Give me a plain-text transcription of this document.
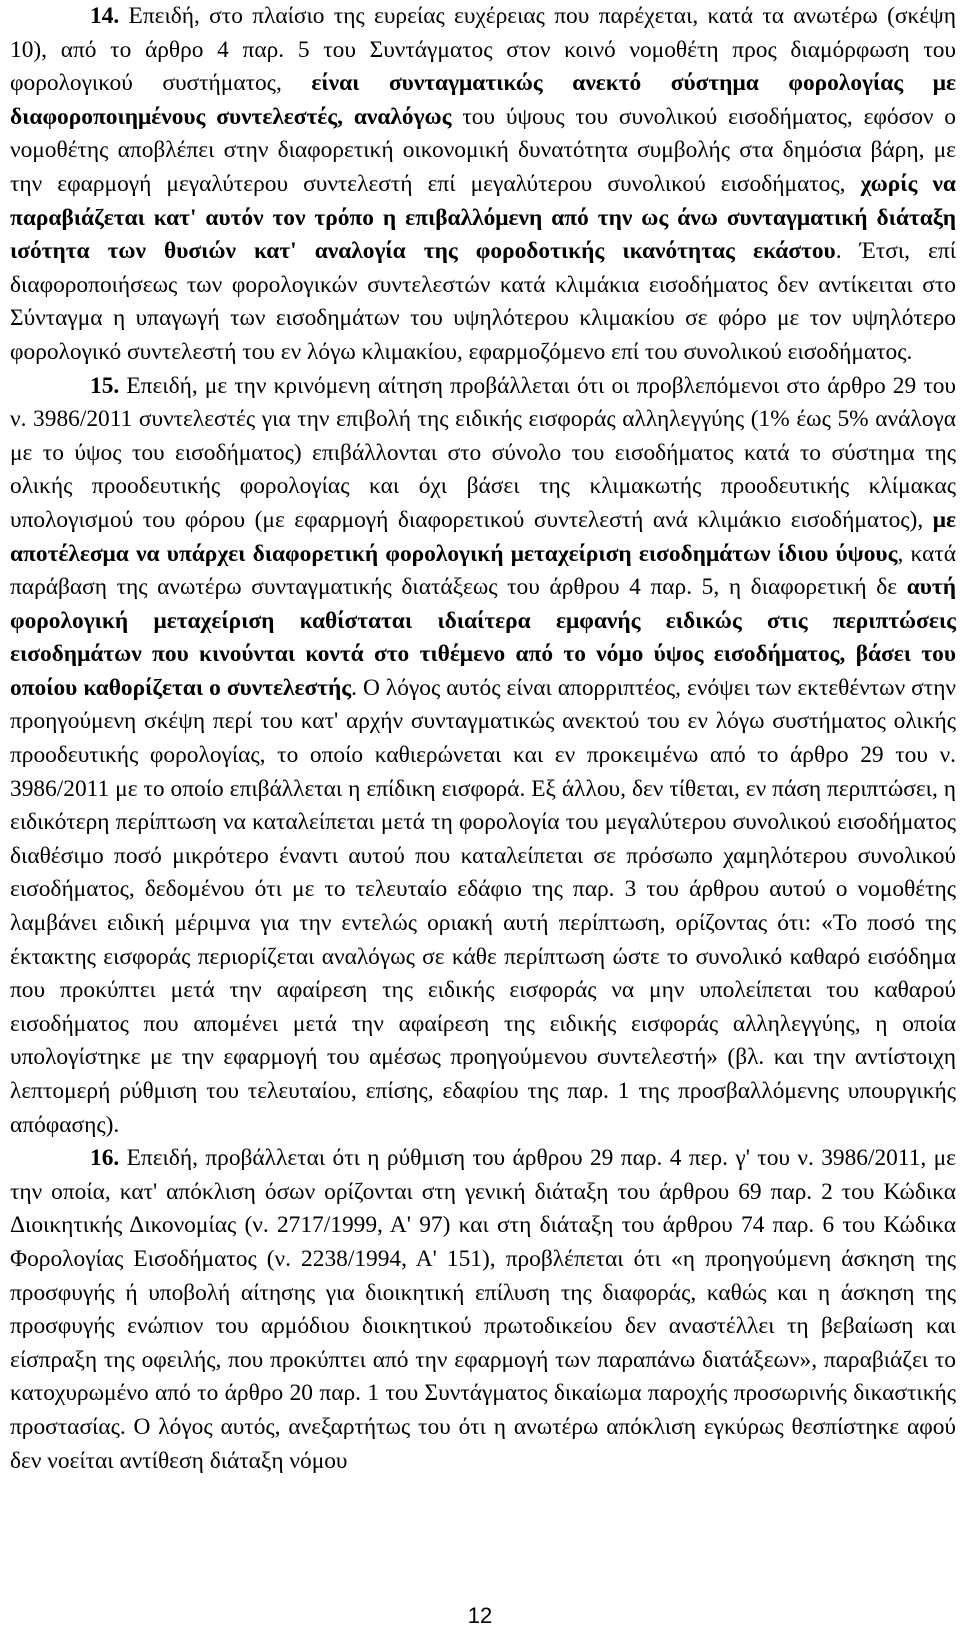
14. Επειδή, στο πλαίσιο της ευρείας ευχέρειας που παρέχεται, κατά τα ανωτέρω (σκέψη 10), από το άρθρο 4 παρ. 5 του Συντάγματος στον κοινό νομοθέτη προς διαμόρφωση του φορολογικού συστήματος, είναι συνταγματικώς ανεκτό σύστημα φορολογίας με διαφοροποιημένους συντελεστές, αναλόγως του ύψους του συνολικού εισοδήματος, εφόσον ο νομοθέτης αποβλέπει στην διαφορετική οικονομική δυνατότητα συμβολής στα δημόσια βάρη, με την εφαρμογή μεγαλύτερου συντελεστή επί μεγαλύτερου συνολικού εισοδήματος, χωρίς να παραβιάζεται κατ' αυτόν τον τρόπο η επιβαλλόμενη από την ως άνω συνταγματική διάταξη ισότητα των θυσιών κατ' αναλογία της φοροδοτικής ικανότητας εκάστου. Έτσι, επί διαφοροποιήσεως των φορολογικών συντελεστών κατά κλιμάκια εισοδήματος δεν αντίκειται στο Σύνταγμα η υπαγωγή των εισοδημάτων του υψηλότερου κλιμακίου σε φόρο με τον υψηλότερο φορολογικό συντελεστή του εν λόγω κλιμακίου, εφαρμοζόμενο επί του συνολικού εισοδήματος.

15. Επειδή, με την κρινόμενη αίτηση προβάλλεται ότι οι προβλεπόμενοι στο άρθρο 29 του ν. 3986/2011 συντελεστές για την επιβολή της ειδικής εισφοράς αλληλεγγύης (1% έως 5% ανάλογα με το ύψος του εισοδήματος) επιβάλλονται στο σύνολο του εισοδήματος κατά το σύστημα της ολικής προοδευτικής φορολογίας και όχι βάσει της κλιμακωτής προοδευτικής κλίμακας υπολογισμού του φόρου (με εφαρμογή διαφορετικού συντελεστή ανά κλιμάκιο εισοδήματος), με αποτέλεσμα να υπάρχει διαφορετική φορολογική μεταχείριση εισοδημάτων ίδιου ύψους, κατά παράβαση της ανωτέρω συνταγματικής διατάξεως του άρθρου 4 παρ. 5, η διαφορετική δε αυτή φορολογική μεταχείριση καθίσταται ιδιαίτερα εμφανής ειδικώς στις περιπτώσεις εισοδημάτων που κινούνται κοντά στο τιθέμενο από το νόμο ύψος εισοδήματος, βάσει του οποίου καθορίζεται ο συντελεστής. Ο λόγος αυτός είναι απορριπτέος, ενόψει των εκτεθέντων στην προηγούμενη σκέψη περί του κατ' αρχήν συνταγματικώς ανεκτού του εν λόγω συστήματος ολικής προοδευτικής φορολογίας, το οποίο καθιερώνεται και εν προκειμένω από το άρθρο 29 του ν. 3986/2011 με το οποίο επιβάλλεται η επίδικη εισφορά. Εξ άλλου, δεν τίθεται, εν πάση περιπτώσει, η ειδικότερη περίπτωση να καταλείπεται μετά τη φορολογία του μεγαλύτερου συνολικού εισοδήματος διαθέσιμο ποσό μικρότερο έναντι αυτού που καταλείπεται σε πρόσωπο χαμηλότερου συνολικού εισοδήματος, δεδομένου ότι με το τελευταίο εδάφιο της παρ. 3 του άρθρου αυτού ο νομοθέτης λαμβάνει ειδική μέριμνα για την εντελώς οριακή αυτή περίπτωση, ορίζοντας ότι: «Το ποσό της έκτακτης εισφοράς περιορίζεται αναλόγως σε κάθε περίπτωση ώστε το συνολικό καθαρό εισόδημα που προκύπτει μετά την αφαίρεση της ειδικής εισφοράς να μην υπολείπεται του καθαρού εισοδήματος που απομένει μετά την αφαίρεση της ειδικής εισφοράς αλληλεγγύης, η οποία υπολογίστηκε με την εφαρμογή του αμέσως προηγούμενου συντελεστή» (βλ. και την αντίστοιχη λεπτομερή ρύθμιση του τελευταίου, επίσης, εδαφίου της παρ. 1 της προσβαλλόμενης υπουργικής απόφασης).

16. Επειδή, προβάλλεται ότι η ρύθμιση του άρθρου 29 παρ. 4 περ. γ' του ν. 3986/2011, με την οποία, κατ' απόκλιση όσων ορίζονται στη γενική διάταξη του άρθρου 69 παρ. 2 του Κώδικα Διοικητικής Δικονομίας (ν. 2717/1999, Α' 97) και στη διάταξη του άρθρου 74 παρ. 6 του Κώδικα Φορολογίας Εισοδήματος (ν. 2238/1994, Α' 151), προβλέπεται ότι «η προηγούμενη άσκηση της προσφυγής ή υποβολή αίτησης για διοικητική επίλυση της διαφοράς, καθώς και η άσκηση της προσφυγής ενώπιον του αρμόδιου διοικητικού πρωτοδικείου δεν αναστέλλει τη βεβαίωση και είσπραξη της οφειλής, που προκύπτει από την εφαρμογή των παραπάνω διατάξεων», παραβιάζει το κατοχυρωμένο από το άρθρο 20 παρ. 1 του Συντάγματος δικαίωμα παροχής προσωρινής δικαστικής προστασίας. Ο λόγος αυτός, ανεξαρτήτως του ότι η ανωτέρω απόκλιση εγκύρως θεσπίστηκε αφού δεν νοείται αντίθεση διάταξη νόμου

12
